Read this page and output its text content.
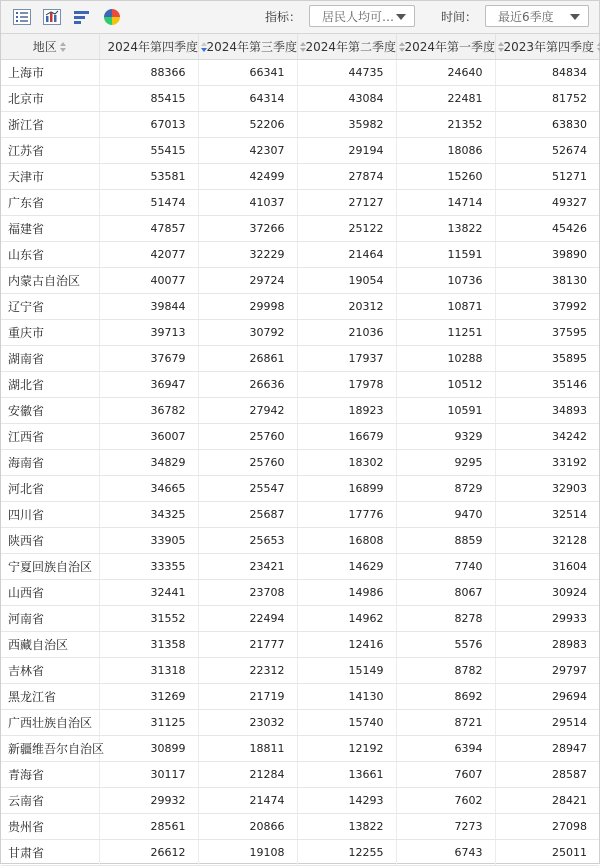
指标： 居民人均可…	时间： 最近6季度
地区	2024年第四季度	2024年第三季度	2024年第二季度	2024年第一季度	2023年第四季度
上海市	88366	66341	44735	24640	84834
北京市	85415	64314	43084	22481	81752
浙江省	67013	52206	35982	21352	63830
江苏省	55415	42307	29194	18086	52674
天津市	53581	42499	27874	15260	51271
广东省	51474	41037	27127	14714	49327
福建省	47857	37266	25122	13822	45426
山东省	42077	32229	21464	11591	39890
内蒙古自治区	40077	29724	19054	10736	38130
辽宁省	39844	29998	20312	10871	37992
重庆市	39713	30792	21036	11251	37595
湖南省	37679	26861	17937	10288	35895
湖北省	36947	26636	17978	10512	35146
安徽省	36782	27942	18923	10591	34893
江西省	36007	25760	16679	9329	34242
海南省	34829	25760	18302	9295	33192
河北省	34665	25547	16899	8729	32903
四川省	34325	25687	17776	9470	32514
陕西省	33905	25653	16808	8859	32128
宁夏回族自治区	33355	23421	14629	7740	31604
山西省	32441	23708	14986	8067	30924
河南省	31552	22494	14962	8278	29933
西藏自治区	31358	21777	12416	5576	28983
吉林省	31318	22312	15149	8782	29797
黑龙江省	31269	21719	14130	8692	29694
广西壮族自治区	31125	23032	15740	8721	29514
新疆维吾尔自治区	30899	18811	12192	6394	28947
青海省	30117	21284	13661	7607	28587
云南省	29932	21474	14293	7602	28421
贵州省	28561	20866	13822	7273	27098
甘肃省	26612	19108	12255	6743	25011
